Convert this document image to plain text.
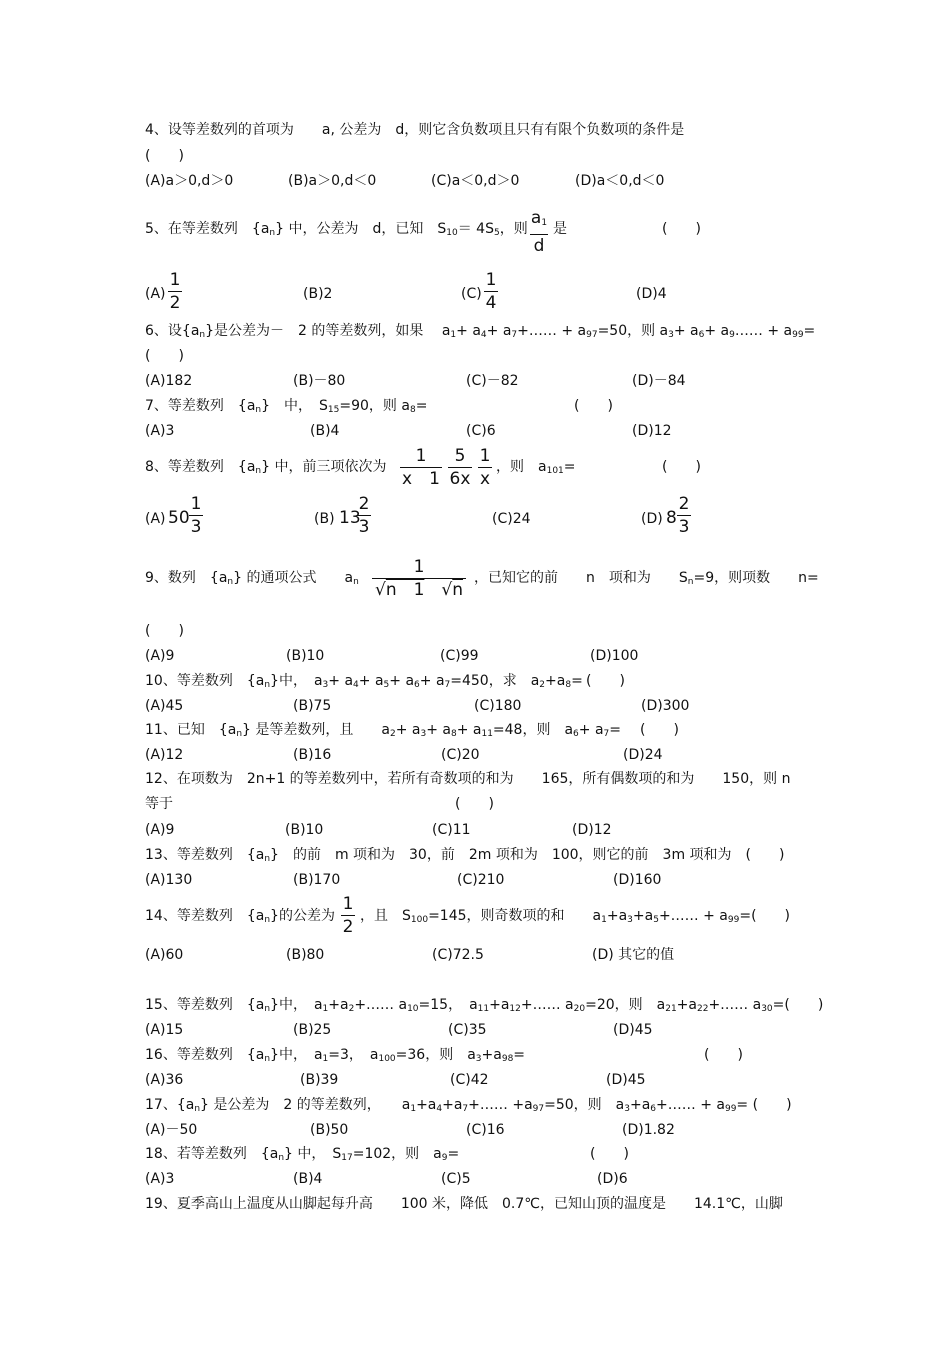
4、设等差数列的首项为　　a, 公差为　d，则它含负数项且只有有限个负数项的条件是
(　　)
(A)a＞0,d＞0	(B)a＞0,d＜0	(C)a＜0,d＞0	(D)a＜0,d＜0
5、在等差数列　$\{a_n\}$ 中，公差为　d，已知　$S_{10}= 4S_5$，则
$a_1$
d
是	(　　)
(A)
1
2	(B)2	(C)
1
4	(D)4
6、设$\{a_n\}$是公差为－　2 的等差数列，如果　 $a_1+ a_4+$ $a_7+\dots\dots + a_{97}=50$，则 $a_3+ a_6+$ $a_9\dots\dots + a_{99}=$
(　　)
(A)182	(B)－80	(C)－82	(D)－84
7、等差数列　$\{a_n\}$　中，　$S_{15}=90$，则 $a_8=$	(　　)
(A)3	(B)4	(C)6	(D)12
8、等差数列　$\{a_n\}$ 中，前三项依次为
1
x　1
5
6x
1
x
，则　$a_{101}=$	(　　)
(A) 50
1
3	(B) 13
2
3	(C)24	(D) 8
2
3
9、数列　$\{a_n\}$ 的通项公式　　$a_n$
1
√n　1　√n
，已知它的前　　n　项和为　　$S_n=9$，则项数　　n=
(　　)
(A)9	(B)10	(C)99	(D)100
10、等差数列　$\{a_n\}$中，　$a_3+ a_4+ a_5+ a_6+ a_7=450$，求　$a_2+a_8=$ (　　)
(A)45	(B)75	(C)180	(D)300
11、已知　$\{a_n\}$ 是等差数列，且　　$a_2+ a_3+ a_8+ a_{11}=48$，则　$a_6+ a_7=$ (　　)
(A)12	(B)16	(C)20	(D)24
12、在项数为　2n+1 的等差数列中，若所有奇数项的和为　　165，所有偶数项的和为　　150，则 n
等于	(　　)
(A)9	(B)10	(C)11	(D)12
13、等差数列　$\{a_n\}$　的前　m 项和为　30，前　2m 项和为　100，则它的前　3m 项和为　(　　)
(A)130	(B)170	(C)210	(D)160
14、等差数列　$\{a_n\}$的公差为
1
2
，且　$S_{100}=145$，则奇数项的和　　$a_1+a_3+a_5+\dots\dots + a_{99}=$(　　)
(A)60	(B)80	(C)72.5	(D) 其它的值
15、等差数列　$\{a_n\}$中，　$a_1+a_2+\dots\dots$ $a_{10}=15$，　$a_{11}+a_{12}+\dots\dots$ $a_{20}=20$，则　$a_{21}+a_{22}+\dots\dots$ $a_{30}=$(　　)
(A)15	(B)25	(C)35	(D)45
16、等差数列　$\{a_n\}$中，　$a_1=3$，　$a_{100}=36$，则　$a_3+a_{98}=$	(　　)
(A)36	(B)39	(C)42	(D)45
17、$\{a_n\}$ 是公差为　2 的等差数列，　　$a_1+a_4+a_7+\dots\dots +a_{97}=50$，则　$a_3+a_6+\dots\dots + a_{99}=$ (　　)
(A)－50	(B)50	(C)16	(D)1.82
18、若等差数列　$\{a_n\}$ 中，　$S_{17}=102$，则　$a_9=$	(　　)
(A)3	(B)4	(C)5	(D)6
19、夏季高山上温度从山脚起每升高　　100 米，降低　0.7℃，已知山顶的温度是　　14.1℃，山脚
